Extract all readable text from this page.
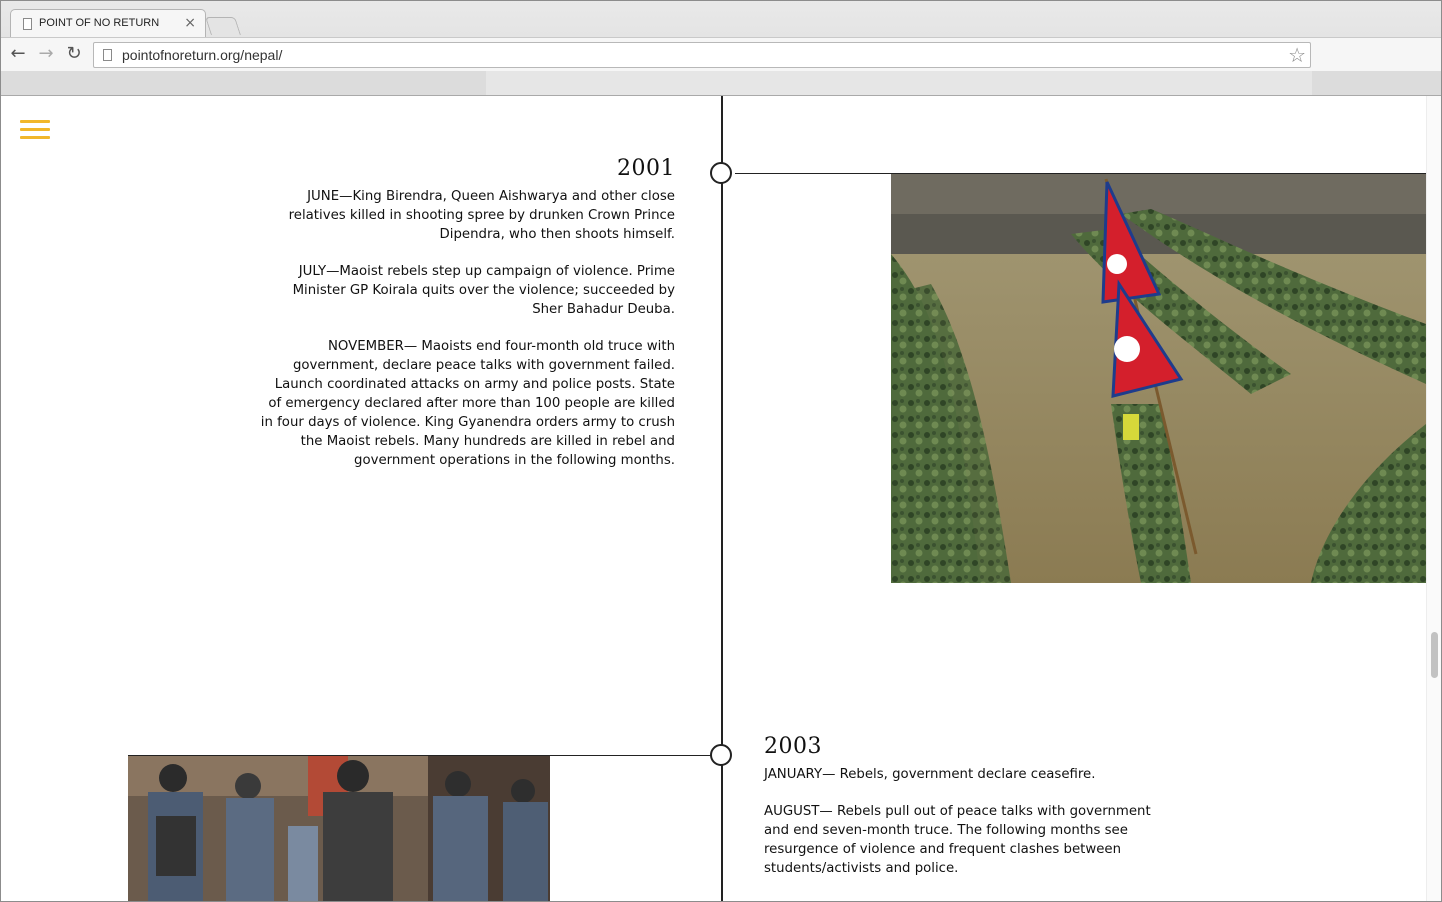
POINT OF NO RETURN ×
← → ↻	pointofnoreturn.org/nepal/	☆
2001

JUNE—King Birendra, Queen Aishwarya and other close relatives killed in shooting spree by drunken Crown Prince Dipendra, who then shoots himself.

JULY—Maoist rebels step up campaign of violence. Prime Minister GP Koirala quits over the violence; succeeded by Sher Bahadur Deuba.

NOVEMBER— Maoists end four-month old truce with government, declare peace talks with government failed. Launch coordinated attacks on army and police posts. State of emergency declared after more than 100 people are killed in four days of violence. King Gyanendra orders army to crush the Maoist rebels. Many hundreds are killed in rebel and government operations in the following months.

2003

JANUARY— Rebels, government declare ceasefire.

AUGUST— Rebels pull out of peace talks with government and end seven-month truce. The following months see resurgence of violence and frequent clashes between students/activists and police.
